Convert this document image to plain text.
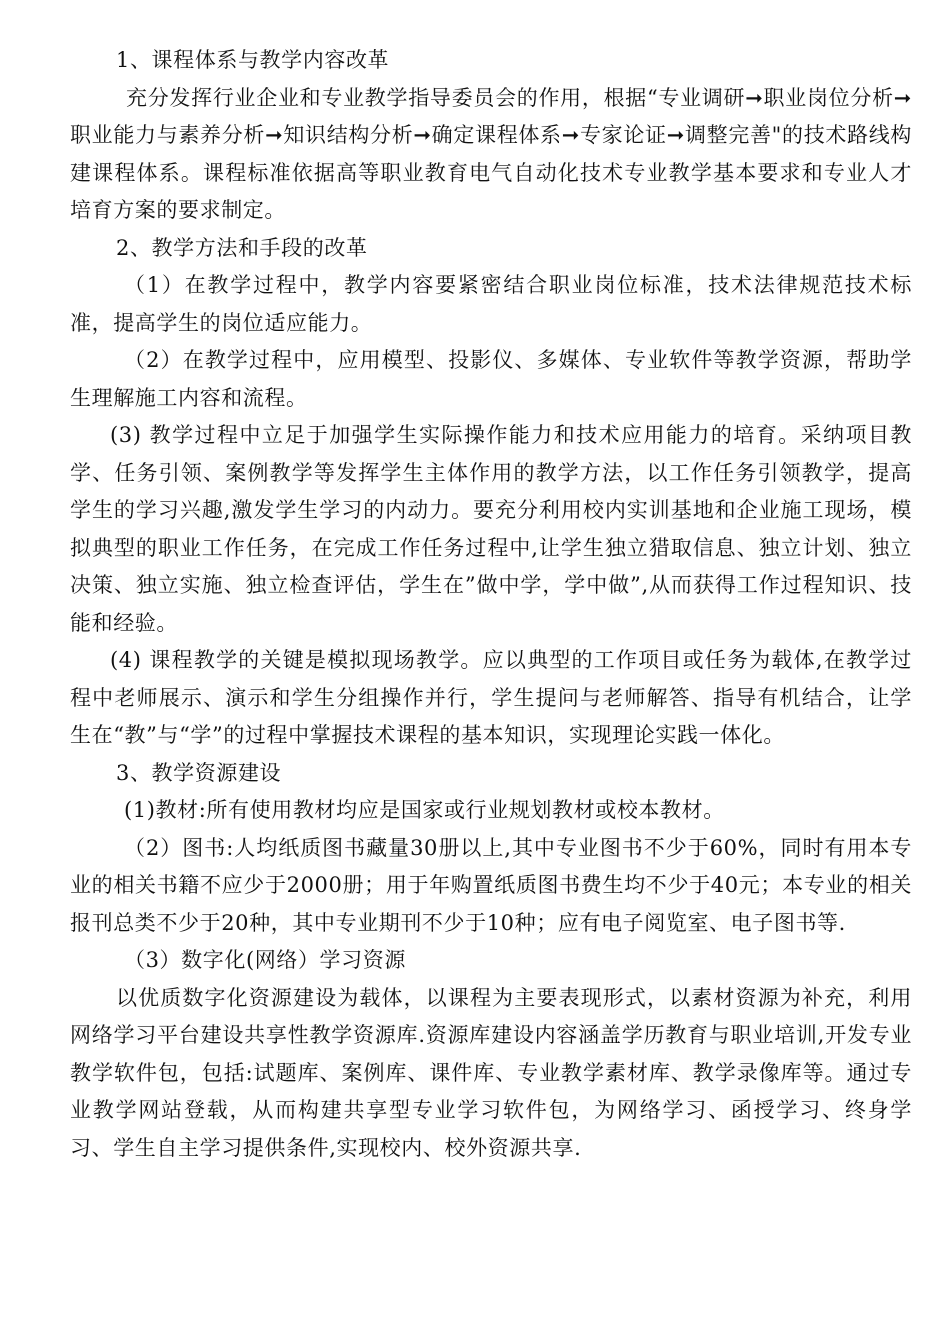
1、课程体系与教学内容改革

充分发挥行业企业和专业教学指导委员会的作用，根据“专业调研➞职业岗位分析➞职业能力与素养分析➞知识结构分析➞确定课程体系➞专家论证➞调整完善"的技术路线构建课程体系。课程标准依据高等职业教育电气自动化技术专业教学基本要求和专业人才培育方案的要求制定。

2、教学方法和手段的改革

（1）在教学过程中，教学内容要紧密结合职业岗位标准，技术法律规范技术标准，提高学生的岗位适应能力。

（2）在教学过程中，应用模型、投影仪、多媒体、专业软件等教学资源，帮助学生理解施工内容和流程。

(3) 教学过程中立足于加强学生实际操作能力和技术应用能力的培育。采纳项目教学、任务引领、案例教学等发挥学生主体作用的教学方法，以工作任务引领教学，提高学生的学习兴趣,激发学生学习的内动力。要充分利用校内实训基地和企业施工现场，模拟典型的职业工作任务，在完成工作任务过程中,让学生独立猎取信息、独立计划、独立决策、独立实施、独立检查评估，学生在”做中学，学中做”,从而获得工作过程知识、技能和经验。

(4) 课程教学的关键是模拟现场教学。应以典型的工作项目或任务为载体,在教学过程中老师展示、演示和学生分组操作并行，学生提问与老师解答、指导有机结合，让学生在“教”与“学”的过程中掌握技术课程的基本知识，实现理论实践一体化。

3、教学资源建设

(1)教材:所有使用教材均应是国家或行业规划教材或校本教材。

（2）图书:人均纸质图书藏量30册以上,其中专业图书不少于60%，同时有用本专业的相关书籍不应少于2000册；用于年购置纸质图书费生均不少于40元；本专业的相关报刊总类不少于20种，其中专业期刊不少于10种；应有电子阅览室、电子图书等.

（3）数字化(网络）学习资源

以优质数字化资源建设为载体，以课程为主要表现形式，以素材资源为补充，利用网络学习平台建设共享性教学资源库.资源库建设内容涵盖学历教育与职业培训,开发专业教学软件包，包括:试题库、案例库、课件库、专业教学素材库、教学录像库等。通过专业教学网站登载，从而构建共享型专业学习软件包，为网络学习、函授学习、终身学习、学生自主学习提供条件,实现校内、校外资源共享.
